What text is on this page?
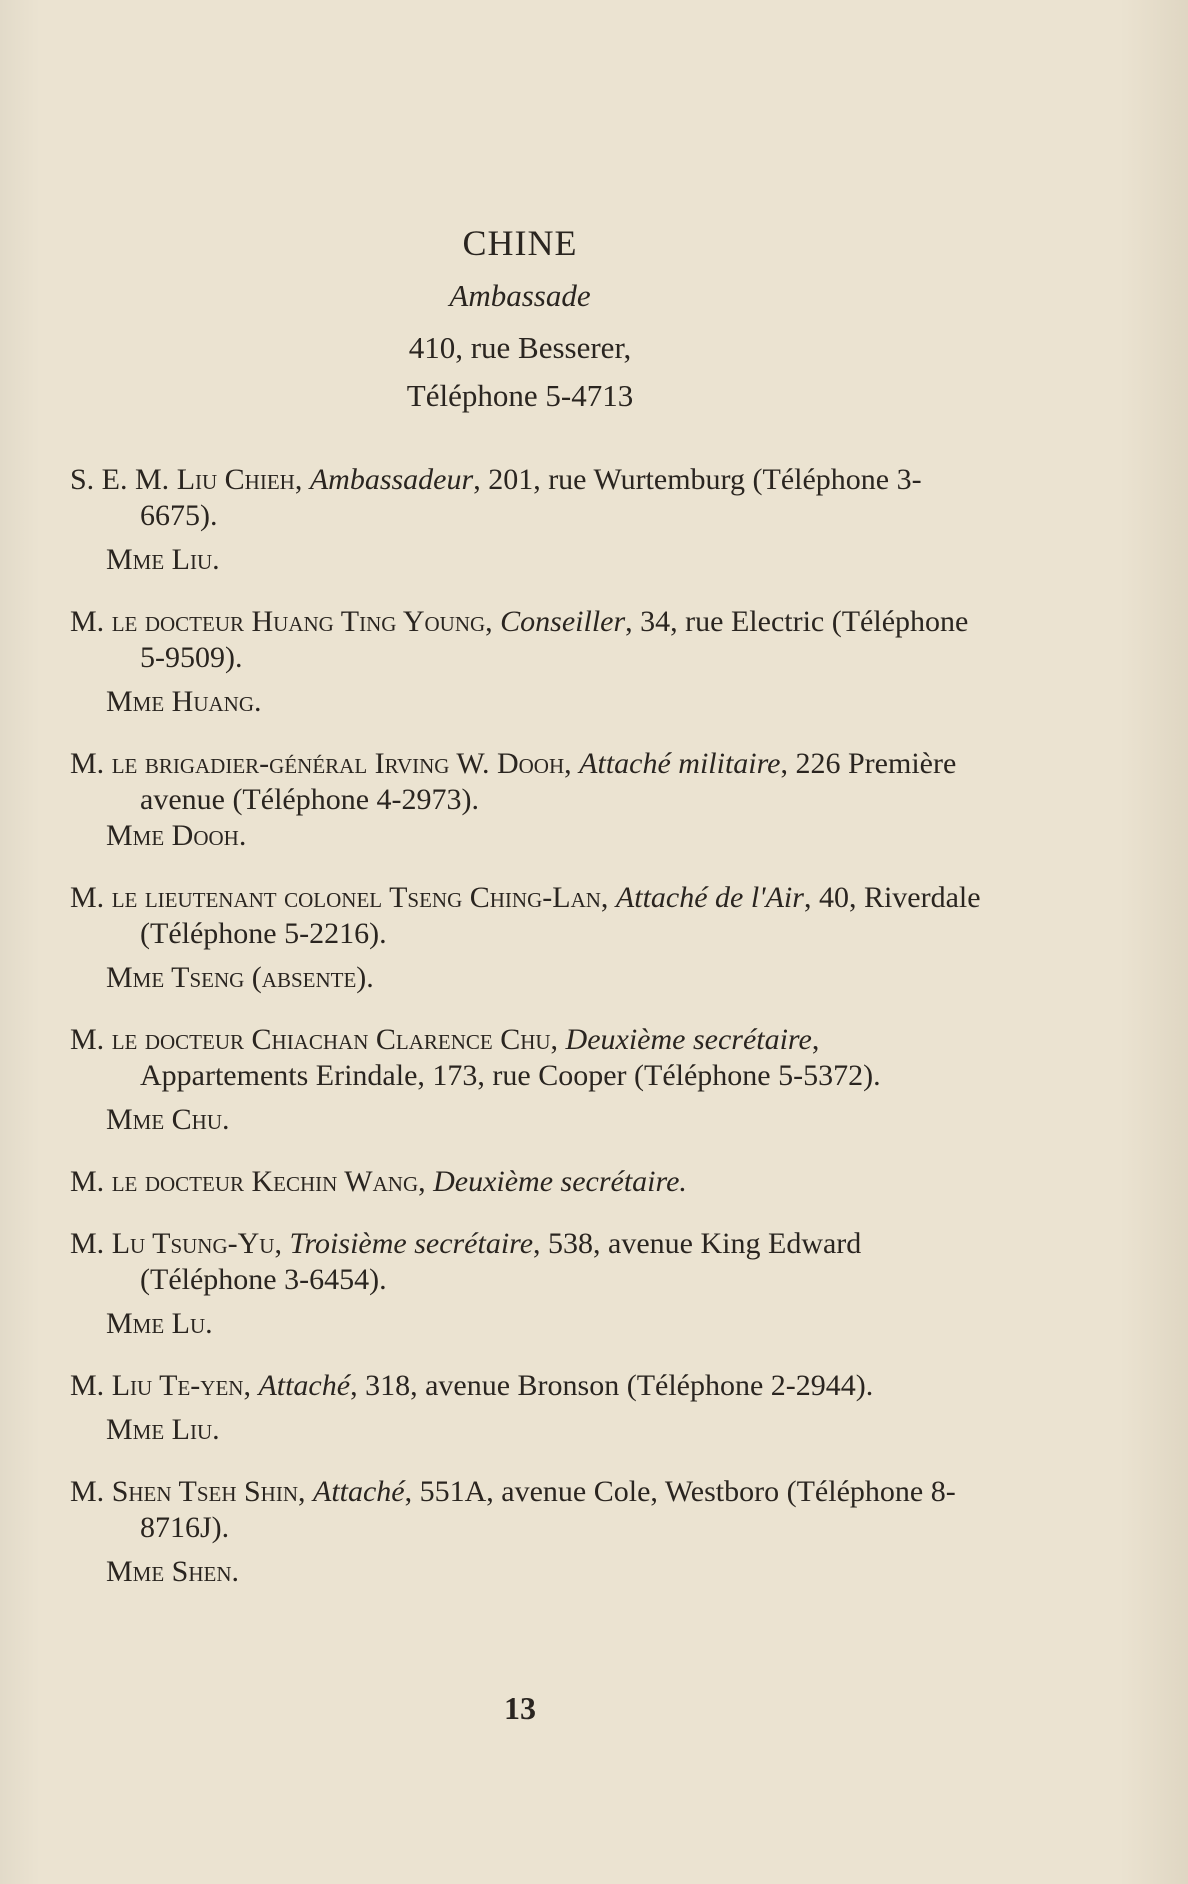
CHINE
Ambassade
410, rue Besserer,
Téléphone 5-4713
S. E. M. Liu Chieh, Ambassadeur, 201, rue Wurtemburg (Téléphone 3-6675).
Mme Liu.
M. le docteur Huang Ting Young, Conseiller, 34, rue Electric (Téléphone 5-9509).
Mme Huang.
M. le brigadier-général Irving W. Dooh, Attaché militaire, 226 Première avenue (Téléphone 4-2973).
Mme Dooh.
M. le lieutenant colonel Tseng Ching-Lan, Attaché de l'Air, 40, Riverdale (Téléphone 5-2216).
Mme Tseng (absente).
M. le docteur Chiachan Clarence Chu, Deuxième secrétaire, Appartements Erindale, 173, rue Cooper (Téléphone 5-5372).
Mme Chu.
M. le docteur Kechin Wang, Deuxième secrétaire.
M. Lu Tsung-Yu, Troisième secrétaire, 538, avenue King Edward (Téléphone 3-6454).
Mme Lu.
M. Liu Te-yen, Attaché, 318, avenue Bronson (Téléphone 2-2944).
Mme Liu.
M. Shen Tseh Shin, Attaché, 551A, avenue Cole, Westboro (Téléphone 8-8716J).
Mme Shen.
13
